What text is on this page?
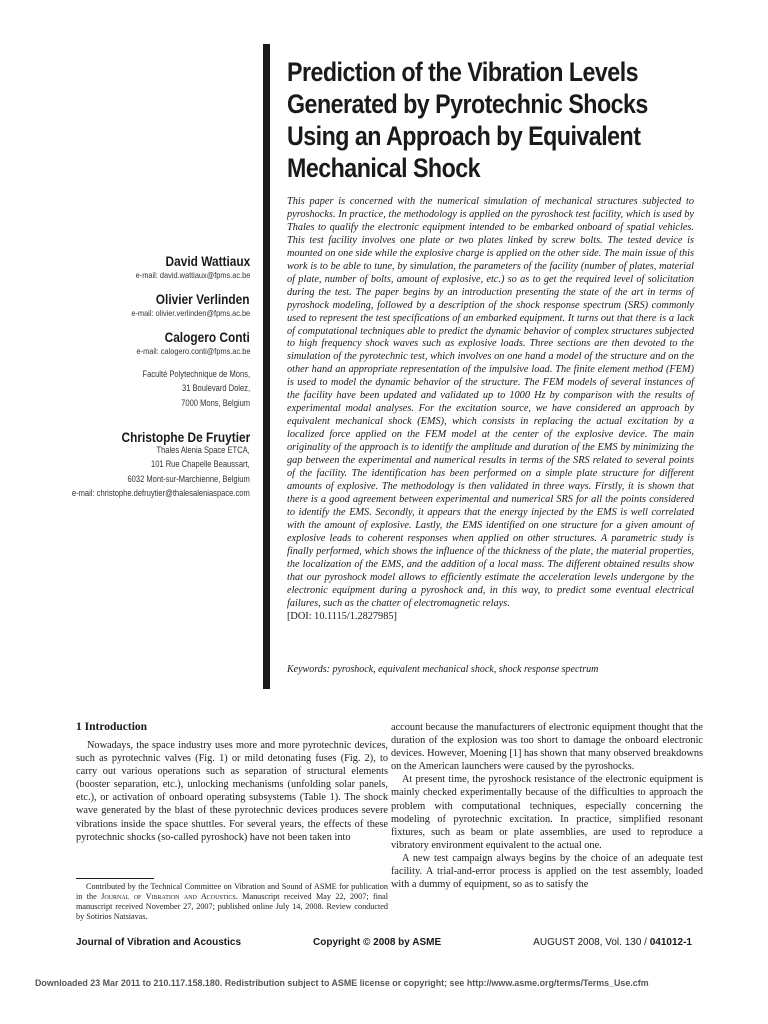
Prediction of the Vibration Levels
Generated by Pyrotechnic Shocks
Using an Approach by Equivalent
Mechanical Shock
This paper is concerned with the numerical simulation of mechanical structures subjected to pyroshocks. In practice, the methodology is applied on the pyroshock test facility, which is used by Thales to qualify the electronic equipment intended to be embarked onboard of spatial vehicles. This test facility involves one plate or two plates linked by screw bolts. The tested device is mounted on one side while the explosive charge is applied on the other side. The main issue of this work is to be able to tune, by simulation, the parameters of the facility (number of plates, material of plate, number of bolts, amount of explosive, etc.) so as to get the required level of solicitation during the test. The paper begins by an introduction presenting the state of the art in terms of pyroshock modeling, followed by a description of the shock response spectrum (SRS) commonly used to represent the test specifications of an embarked equipment. It turns out that there is a lack of computational techniques able to predict the dynamic behavior of complex structures subjected to high frequency shock waves such as explosive loads. Three sections are then devoted to the simulation of the pyrotechnic test, which involves on one hand a model of the structure and on the other hand an appropriate representation of the impulsive load. The finite element method (FEM) is used to model the dynamic behavior of the structure. The FEM models of several instances of the facility have been updated and validated up to 1000 Hz by comparison with the results of experimental modal analyses. For the excitation source, we have considered an approach by equivalent mechanical shock (EMS), which consists in replacing the actual excitation by a localized force applied on the FEM model at the center of the explosive device. The main originality of the approach is to identify the amplitude and duration of the EMS by minimizing the gap between the experimental and numerical results in terms of the SRS related to several points of the facility. The identification has been performed on a simple plate structure for different amounts of explosive. The methodology is then validated in three ways. Firstly, it is shown that there is a good agreement between experimental and numerical SRS for all the points considered to identify the EMS. Secondly, it appears that the energy injected by the EMS is well correlated with the amount of explosive. Lastly, the EMS identified on one structure for a given amount of explosive leads to coherent responses when applied on other structures. A parametric study is finally performed, which shows the influence of the thickness of the plate, the material properties, the localization of the EMS, and the addition of a local mass. The different obtained results show that our pyroshock model allows to efficiently estimate the acceleration levels undergone by the electronic equipment during a pyroshock and, in this way, to predict some eventual electrical failures, such as the chatter of electromagnetic relays.
[DOI: 10.1115/1.2827985]
Keywords: pyroshock, equivalent mechanical shock, shock response spectrum
David Wattiaux
e-mail: david.wattiaux@fpms.ac.be
Olivier Verlinden
e-mail: olivier.verlinden@fpms.ac.be
Calogero Conti
e-mail: calogero.conti@fpms.ac.be
Faculté Polytechnique de Mons,
31 Boulevard Dolez,
7000 Mons, Belgium
Christophe De Fruytier
Thales Alenia Space ETCA,
101 Rue Chapelle Beaussart,
6032 Mont-sur-Marchienne, Belgium
e-mail: christophe.defruytier@thalesaleniaspace.com
1 Introduction
Nowadays, the space industry uses more and more pyrotechnic devices, such as pyrotechnic valves (Fig. 1) or mild detonating fuses (Fig. 2), to carry out various operations such as separation of structural elements (booster separation, etc.), unlocking mechanisms (unfolding solar panels, etc.), or activation of onboard operating subsystems (Table 1). The shock wave generated by the blast of these pyrotechnic devices produces severe vibrations inside the space shuttles. For several years, the effects of these pyrotechnic shocks (so-called pyroshock) have not been taken into

account because the manufacturers of electronic equipment thought that the duration of the explosion was too short to damage the onboard electronic devices. However, Moening [1] has shown that many observed breakdowns on the American launchers were caused by the pyroshocks.

At present time, the pyroshock resistance of the electronic equipment is mainly checked experimentally because of the difficulties to approach the problem with computational techniques, especially concerning the modeling of pyrotechnic excitation. In practice, simplified resonant fixtures, such as beam or plate assemblies, are used to reproduce a vibratory environment equivalent to the actual one.

A new test campaign always begins by the choice of an adequate test facility. A trial-and-error process is applied on the test assembly, loaded with a dummy of equipment, so as to satisfy the

Contributed by the Technical Committee on Vibration and Sound of ASME for publication in the Journal of Vibration and Acoustics. Manuscript received May 22, 2007; final manuscript received November 27, 2007; published online July 14, 2008. Review conducted by Sotirios Natsiavas.
Journal of Vibration and Acoustics	Copyright © 2008 by ASME	AUGUST 2008, Vol. 130 / 041012-1
Downloaded 23 Mar 2011 to 210.117.158.180. Redistribution subject to ASME license or copyright; see http://www.asme.org/terms/Terms_Use.cfm
